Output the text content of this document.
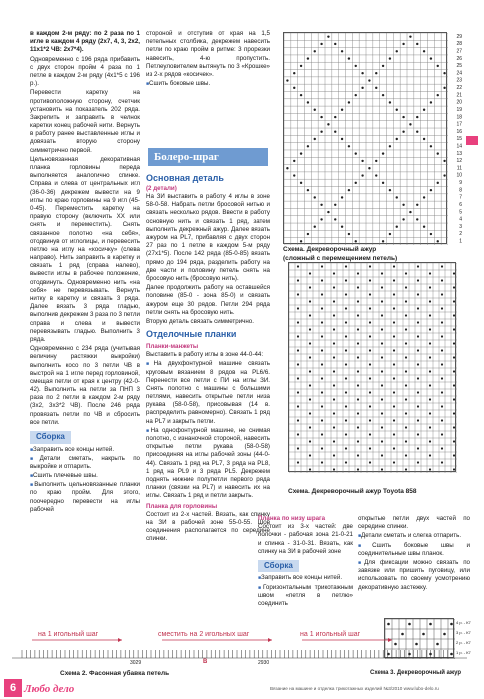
в каждом 2-м ряду: по 2 раза по 1 игле в каждом 4 ряду (2х7, 4, 3, 2х2, 11х1*2 ЧВ: 2х7*4).

Одновременно с 196 ряда прибавить с двух сторон пройм 4 раза по 1 петле в каждом 2-м ряду (4х1*5 с 196 р.).

Перевести каретку на противоположную сторону, счетчик установить на показатель 202 ряда. Закрепить и заправить в челнок каретки конец рабочей нити. Вернуть в работу ранее выставленные иглы и довязать вторую сторону симметрично первой.

Цельновязанная декоративная планка горловины переда выполняется аналогично спинке. Справа и слева от центральных игл (36-0-36) декрежем вывести на 9 иглы по краю горловины на 9 игл (45-0-45). Переместить каретку на правую сторону (включить ХХ или снять и переместить). Снять связанное полотно «на себя», отодвинув от иглолицы, и перевесить петлю на иглу на «косичку» (слева направо). Нить заправить в каретку и связать 1 ряд (справа налево), вывести иглы в рабочее положение, отодвинуть. Одновременно нить «на себя» не перевязывать. Вернуть нитку в каретку и связать 3 ряда. Далее вязать 3 ряда гладью, выполнив декрежем 3 раза по 3 петли справа и слева и вывести перевязывать гладью. Выполнить 3 ряда.

Одновременно с 234 ряда (учитывая величину растяжки выкройки) выполнить косо по 3 петли ЧВ в выстрой на 1 игле перед горловиной, смещая петли от края к центру (42-0-42). Выполнить на петли за ПНП 3 раза по 2 петли в каждом 2-м ряду (3х2, 3х3*2 ЧВ). После 246 ряда провязать петли по ЧВ и сбросить все петли.

Сборка

■ Заправить все концы нитей.

■ Детали сметать, накрыть по выкройке и отпарить.

■ Сшить плечевые швы.

■ Выполнить цельновязанные планки по краю пройм. Для этого, поочередно перевести на иглы рабочей

стороной и отступив от края на 1,5 петельных столбика, декрежем навесить петли по краю пройм в ритме: 3 прорезки навесить, 4-ю пропустить. Петлеуловителем вытянуть по 3 «Крошке» из 2-х рядов «косичек».

■ Сшить боковые швы.

Болеро-шраг
Основная деталь
(2 детали)

На ЗИ выставить в работу 4 иглы в зоне 58-0-58. Набрать петли бросовой нитью и связать несколько рядов. Ввести в работу основную нить и связать 1 ряд, затем выполнить декрежный ажур. Далее вязать ажуром на PL7, прибавляя с двух сторон 27 раз по 1 петле в каждом 5-м ряду (27х1*5). После 142 ряда (85-0-85) вязать прямо до 194 ряда, разделить работу на две части и половину петель снять на бросовую нить (бросовую нить).

Далее продолжить работу на оставшейся половине (85-0 - зона 85-0) и связать ажуром еще 30 рядов. Петли 294 ряда петли снять на бросовую нить.

Вторую деталь связать симметрично.

Отделочные планки
Планки-манжеты

Выставить в работу иглы в зоне 44-0-44:

■ На двухфонтурной машине связать круговым вязанием 8 рядов на PL6/6. Перенести все петли с ПИ на иглы ЗИ. Снять полотно с машины с большими петлями, навесить открытые петли низа рукава (58-0-58), присовывая (14 в. распределить равномерно). Связать 1 ряд на PL7 и закрыть петли.

■ На однофонтурной машине, не снимая полотно, с изнаночной стороной, навесить открытые петли рукава (58-0-58) присоединяя на иглы рабочей зоны (44-0-44). Связать 1 ряд на PL7, 3 ряда на PL8, 1 ряд на PL9 и 3 ряда PL5. Декрежем поднять нижние полупетли первого ряда планки (связки на PL7) и навесить их на иглы. Связать 1 ряд и петли закрыть.

Планка для горловины

Состоит из 2-х частей. Вязать, как спинку на ЗИ в рабочей зоне 55-0-55. Шов соединения располагается по середине спинки.

Планка по низу шрага

Состоит из 3-х частей: две полочки - рабочая зона 21-0-21 и спинка - 31-0-31. Вязать, как спинку на ЗИ в рабочей зоне

Сборка

■ Заправить все концы нитей.

■ Горизонтальным трикотажным швом «петля в петлю» соединить

открытые петли двух частей по середине спинки.

■ Детали сметать и слегка отпарить.

■ Сшить боковые швы и соединительные швы планок.

■ Для фиксации можно связать по завязке или пришить пуговицу, или использовать по своему усмотрению декоративную застежку.

29
28
27
26
25
24
23
22
21
20
19
18
17
16
15
14
13
12
11
10
9
8
7
6
5
4
3
2
1
Схема. Декреворочный ажур
(сложный с перемещением петель)
Схема. Декреворочный ажур Toyota 858
4 р. - К7
3 р. - К7
2 р. - К7
1 р. - К7
Схема 3. Декреворочный ажур
на 1 игольный шаг	сместить на 2 игольных шаг	на 1 игольный шаг
3029	B	2930
Схема 2. Фасонная убавка петель
6 Любо дело	Вязание на машине и отделка трикотажных изделий №3/2010 www.lubo-delo.ru
